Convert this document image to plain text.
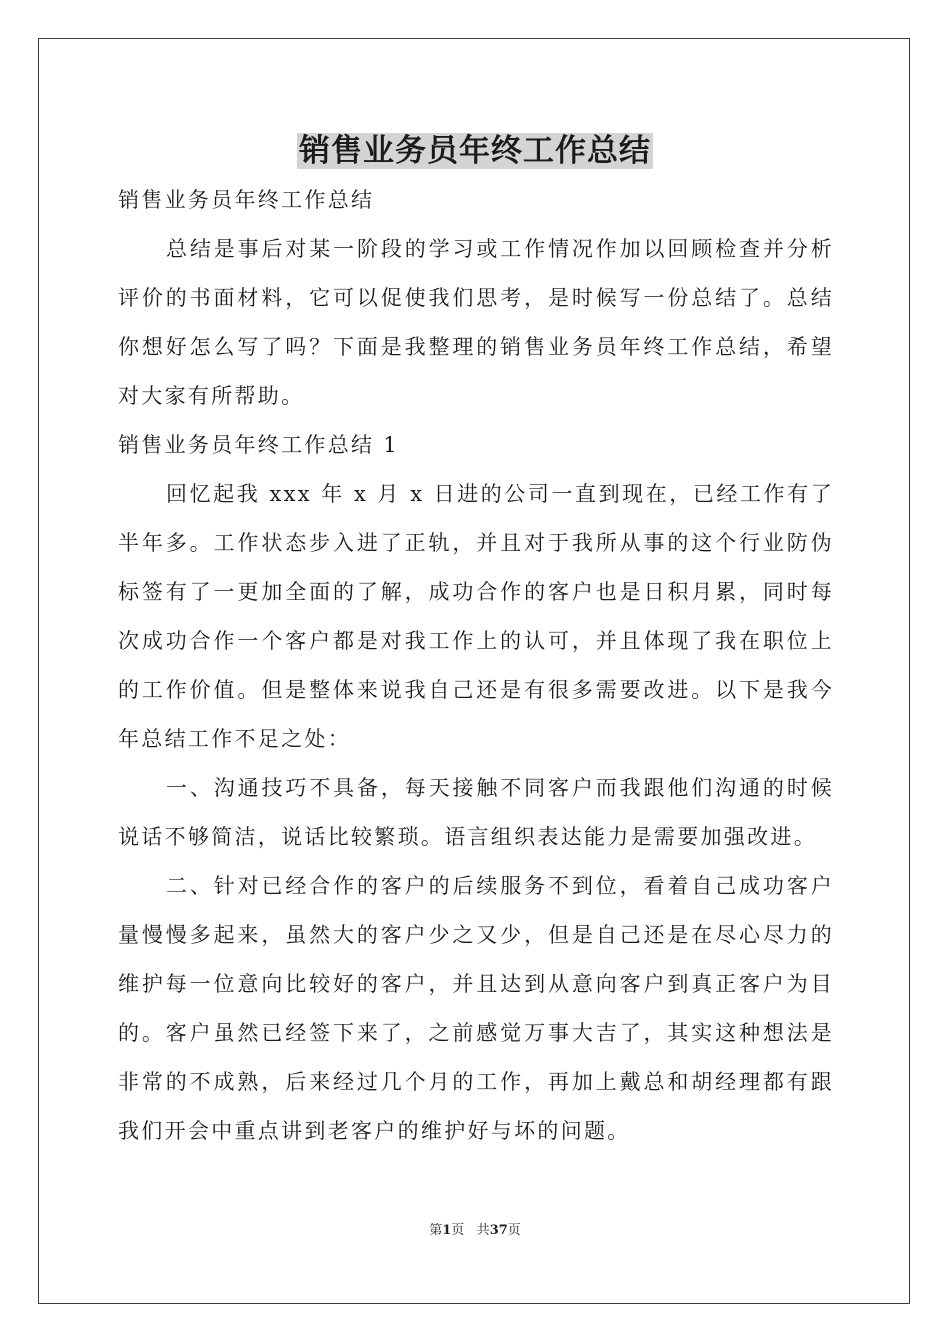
销售业务员年终工作总结

销售业务员年终工作总结

总结是事后对某一阶段的学习或工作情况作加以回顾检查并分析评价的书面材料，它可以促使我们思考，是时候写一份总结了。总结你想好怎么写了吗？下面是我整理的销售业务员年终工作总结，希望对大家有所帮助。

销售业务员年终工作总结 1

回忆起我 xxx 年 x 月 x 日进的公司一直到现在，已经工作有了半年多。工作状态步入进了正轨，并且对于我所从事的这个行业防伪标签有了一更加全面的了解，成功合作的客户也是日积月累，同时每次成功合作一个客户都是对我工作上的认可，并且体现了我在职位上的工作价值。但是整体来说我自己还是有很多需要改进。以下是我今年总结工作不足之处：

一、沟通技巧不具备，每天接触不同客户而我跟他们沟通的时候说话不够简洁，说话比较繁琐。语言组织表达能力是需要加强改进。

二、针对已经合作的客户的后续服务不到位，看着自己成功客户量慢慢多起来，虽然大的客户少之又少，但是自己还是在尽心尽力的维护每一位意向比较好的客户，并且达到从意向客户到真正客户为目的。客户虽然已经签下来了，之前感觉万事大吉了，其实这种想法是非常的不成熟，后来经过几个月的工作，再加上戴总和胡经理都有跟我们开会中重点讲到老客户的维护好与坏的问题。

第1页 共37页
